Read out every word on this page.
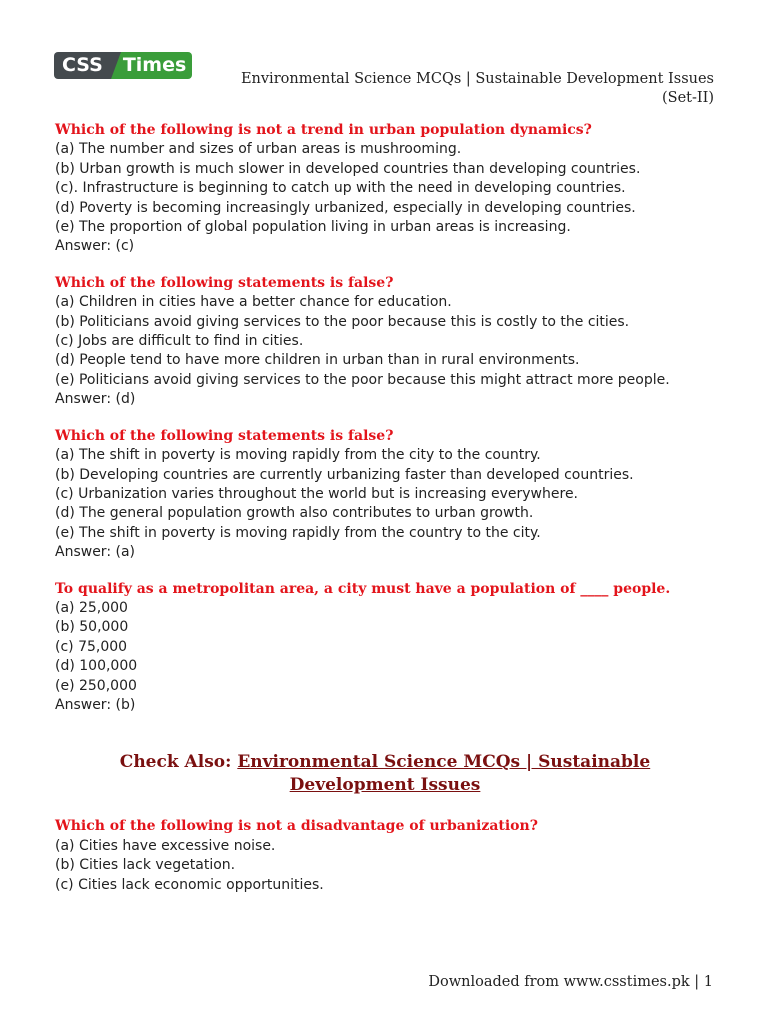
CSS	Times
Environmental Science MCQs | Sustainable Development Issues (Set-II)
Which of the following is not a trend in urban population dynamics?
(a) The number and sizes of urban areas is mushrooming.
(b) Urban growth is much slower in developed countries than developing countries.
(c). Infrastructure is beginning to catch up with the need in developing countries.
(d) Poverty is becoming increasingly urbanized, especially in developing countries.
(e) The proportion of global population living in urban areas is increasing.
Answer: (c)
Which of the following statements is false?
(a) Children in cities have a better chance for education.
(b) Politicians avoid giving services to the poor because this is costly to the cities.
(c) Jobs are difficult to find in cities.
(d) People tend to have more children in urban than in rural environments.
(e) Politicians avoid giving services to the poor because this might attract more people.
Answer: (d)
Which of the following statements is false?
(a) The shift in poverty is moving rapidly from the city to the country.
(b) Developing countries are currently urbanizing faster than developed countries.
(c) Urbanization varies throughout the world but is increasing everywhere.
(d) The general population growth also contributes to urban growth.
(e) The shift in poverty is moving rapidly from the country to the city.
Answer: (a)
To qualify as a metropolitan area, a city must have a population of ____ people.
(a) 25,000
(b) 50,000
(c) 75,000
(d) 100,000
(e) 250,000
Answer: (b)
Check Also: Environmental Science MCQs | Sustainable Development Issues
Which of the following is not a disadvantage of urbanization?
(a) Cities have excessive noise.
(b) Cities lack vegetation.
(c) Cities lack economic opportunities.
Downloaded from www.csstimes.pk | 1
